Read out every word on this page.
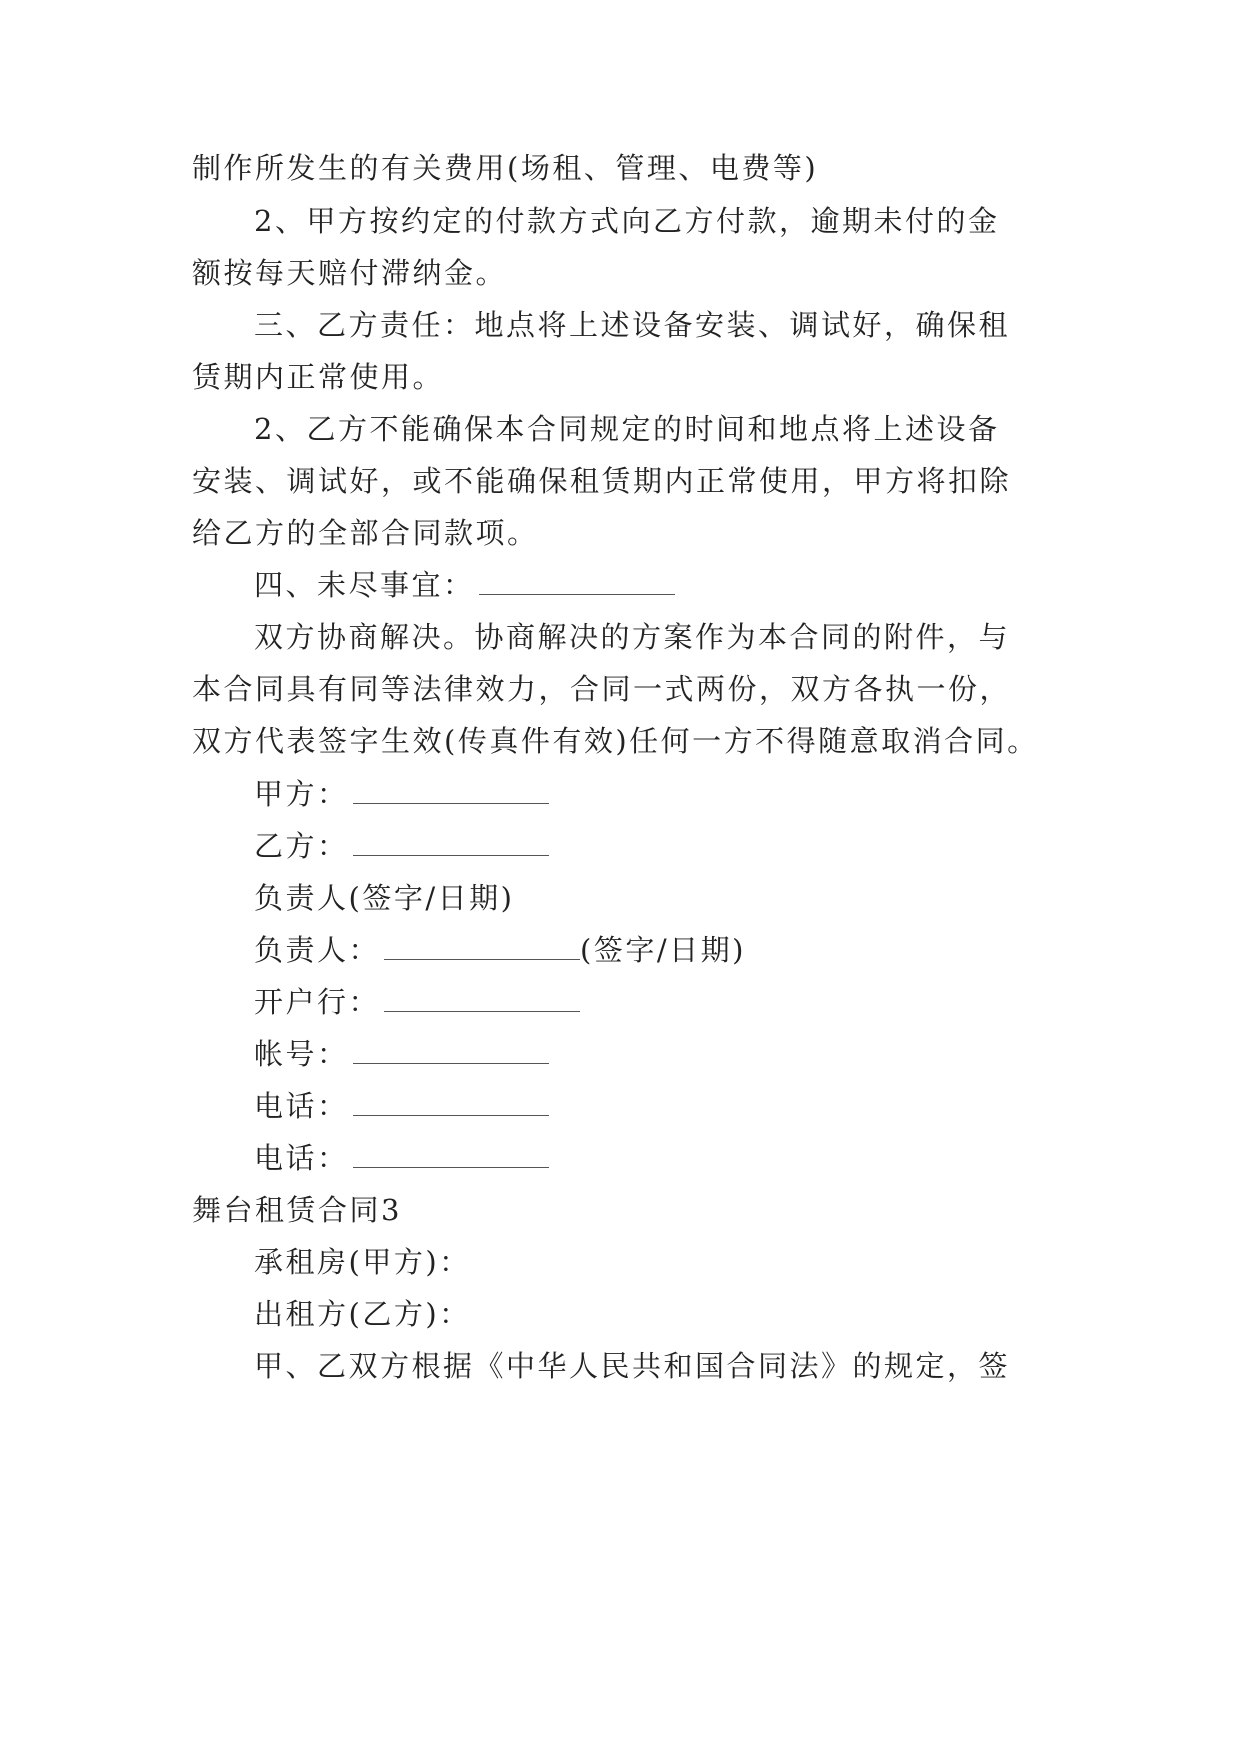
制作所发生的有关费用(场租、管理、电费等)
2、甲方按约定的付款方式向乙方付款，逾期未付的金
额按每天赔付滞纳金。
三、乙方责任：地点将上述设备安装、调试好，确保租
赁期内正常使用。
2、乙方不能确保本合同规定的时间和地点将上述设备
安装、调试好，或不能确保租赁期内正常使用，甲方将扣除
给乙方的全部合同款项。
四、未尽事宜：
双方协商解决。协商解决的方案作为本合同的附件，与
本合同具有同等法律效力，合同一式两份，双方各执一份，
双方代表签字生效(传真件有效)任何一方不得随意取消合同。
甲方：
乙方：
负责人(签字/日期)
负责人：	(签字/日期)
开户行：
帐号：
电话：
电话：
舞台租赁合同3
承租房(甲方)：
出租方(乙方)：
甲、乙双方根据《中华人民共和国合同法》的规定，签
